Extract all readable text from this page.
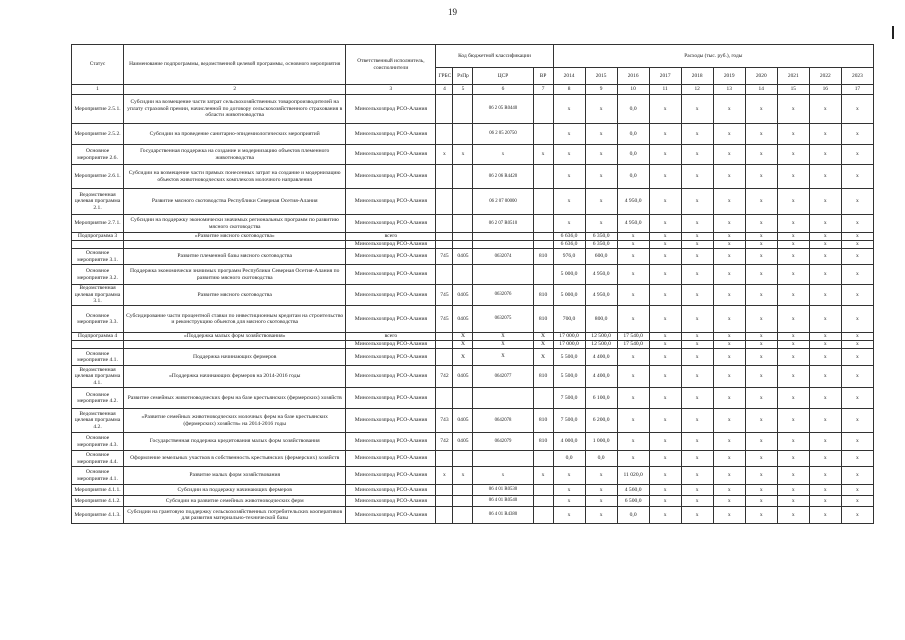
19
Статус	Наименование подпрограммы, ведомственной целевой программы, основного мероприятия	Ответственный исполнитель, соисполнители	Код бюджетной классификации				Расходы (тыс. руб.), годы									
			ГРБС	РзПр	ЦСР	ВР	2014	2015	2016	2017	2018	2019	2020	2021	2022	2023
1	2	3	4	5	6	7	8	9	10	11	12	13	14	15	16	17
Мероприятие 2.5.1.	Субсидии на возмещение части затрат сельскохозяйственных товаропроизводителей на уплату страховой премии, начисленной по договору сельскохозяйственного страхования в области животноводства	Минсельхозпрод РСО-Алания			06 2 05 R0440		x	x	0,0	x	x	x	x	x	x	x
Мероприятие 2.5.2.	Субсидии на проведение санитарно-эпидемиологических мероприятий	Минсельхозпрод РСО-Алания			06 2 05 20750		x	x	0,0	x	x	x	x	x	x	x
Основное мероприятие 2.6.	Государственная поддержка на создание и модернизацию объектов племенного животноводства	Минсельхозпрод РСО-Алания	x	x	x	x	x	x	0,0	x	x	x	x	x	x	x
Мероприятие 2.6.1.	Субсидии на возмещение части прямых понесенных затрат на создание и модернизацию объектов животноводческих комплексов молочного направления	Минсельхозпрод РСО-Алания			06 2 06 R4420		x	x	0,0	x	x	x	x	x	x	x
Ведомственная целевая программа 2.1.	Развитие мясного скотоводства Республики Северная Осетия-Алания	Минсельхозпрод РСО-Алания			06 2 07 00000		x	x	4 950,0	x	x	x	x	x	x	x
Мероприятие 2.7.1.	Субсидии на поддержку экономически значимых региональных программ по развитию мясного скотоводства	Минсельхозпрод РСО-Алания			06 2 07 R0510		x	x	4 950,0	x	x	x	x	x	x	x
Подпрограмма 3	«Развитие мясного скотоводства»	всего					6 636,0	6 350,0	x	x	x	x	x	x	x	x
		Минсельхозпрод РСО-Алания					6 636,0	6 350,0	x	x	x	x	x	x	x	x
Основное мероприятие 3.1.	Развитие племенной базы мясного скотоводства	Минсельхозпрод РСО-Алания	745	0405	0632074	810	976,0	600,0	x	x	x	x	x	x	x	x
Основное мероприятие 3.2.	Поддержка экономически значимых программ Республики Северная Осетия-Алания по развитию мясного скотоводства	Минсельхозпрод РСО-Алания					5 000,0	4 950,0	x	x	x	x	x	x	x	x
Ведомственная целевая программа 3.1.	Развитие мясного скотоводства	Минсельхозпрод РСО-Алания	745	0405	0632076	810	5 000,0	4 950,0	x	x	x	x	x	x	x	x
Основное мероприятие 3.3.	Субсидирование части процентной ставки по инвестиционным кредитам на строительство и реконструкцию объектов для мясного скотоводства	Минсельхозпрод РСО-Алания	745	0405	0632075	810	700,0	800,0	x	x	x	x	x	x	x	x
Подпрограмма 4	«Поддержка малых форм хозяйствования»	всего		X	X	X	17 000,0	12 500,0	17 540,0	x	x	x	x	x	x	x
		Минсельхозпрод РСО-Алания		X	X	X	17 000,0	12 500,0	17 540,0	x	x	x	x	x	x	x
Основное мероприятие 4.1.	Поддержка начинающих фермеров	Минсельхозпрод РСО-Алания		X	X	X	5 500,0	4 400,0	x	x	x	x	x	x	x	x
Ведомственная целевая программа 4.1.	«Поддержка начинающих фермеров на 2014-2016 годы	Минсельхозпрод РСО-Алания	742	0405	0642077	810	5 500,0	4 400,0	x	x	x	x	x	x	x	x
Основное мероприятие 4.2.	Развитие семейных животноводческих ферм на базе крестьянских (фермерских) хозяйств	Минсельхозпрод РСО-Алания					7 500,0	6 100,0	x	x	x	x	x	x	x	x
Ведомственная целевая программа 4.2.	«Развитие семейных животноводческих молочных ферм на базе крестьянских (фермерских) хозяйств» на 2014-2016 годы	Минсельхозпрод РСО-Алания	743	0405	0642078	810	7 500,0	6 200,0	x	x	x	x	x	x	x	x
Основное мероприятие 4.3.	Государственная поддержка кредитования малых форм хозяйствования	Минсельхозпрод РСО-Алания	742	0405	0642079	810	4 000,0	1 000,0	x	x	x	x	x	x	x	x
Основное мероприятие 4.4.	Оформление земельных участков в собственность крестьянских (фермерских) хозяйств	Минсельхозпрод РСО-Алания					0,0	0,0	x	x	x	x	x	x	x	x
Основное мероприятие 4.1.	Развитие малых форм хозяйствования	Минсельхозпрод РСО-Алания	x	x	x	x	x	x	11 020,0	x	x	x	x	x	x	x
Мероприятие 4.1.1.	Субсидии на поддержку начинающих фермеров	Минсельхозпрод РСО-Алания			06 4 01 R0530		x	x	4 560,0	x	x	x	x	x	x	x
Мероприятие 4.1.2.	Субсидии на развитие семейных животноводческих ферм	Минсельхозпрод РСО-Алания			06 4 01 R0540		x	x	6 500,0	x	x	x	x	x	x	x
Мероприятие 4.1.3.	Субсидии на грантовую поддержку сельскохозяйственных потребительских кооперативов для развития материально-технической базы	Минсельхозпрод РСО-Алания			06 4 01 R4380		x	x	0,0	x	x	x	x	x	x	x
